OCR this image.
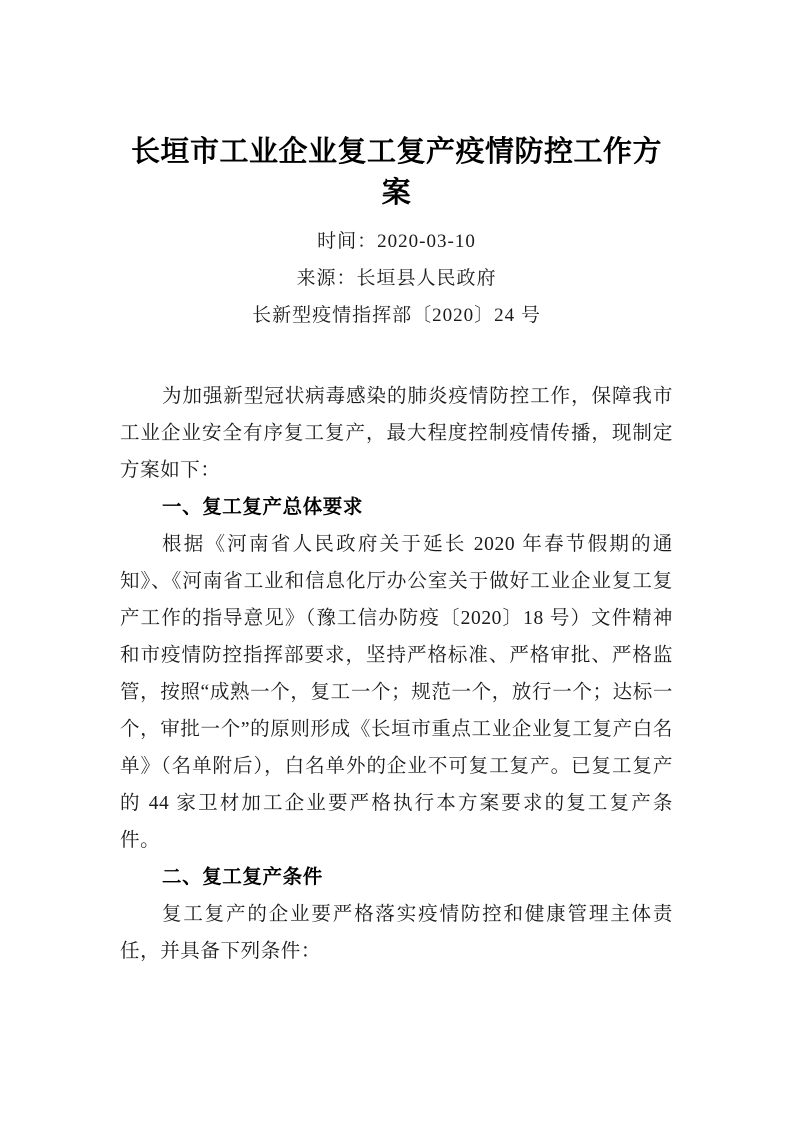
长垣市工业企业复工复产疫情防控工作方案
时间：2020-03-10
来源：长垣县人民政府
长新型疫情指挥部〔2020〕24 号

为加强新型冠状病毒感染的肺炎疫情防控工作，保障我市工业企业安全有序复工复产，最大程度控制疫情传播，现制定方案如下：

一、复工复产总体要求

根据《河南省人民政府关于延长 2020 年春节假期的通知》、《河南省工业和信息化厅办公室关于做好工业企业复工复产工作的指导意见》（豫工信办防疫〔2020〕18 号）文件精神和市疫情防控指挥部要求，坚持严格标准、严格审批、严格监管，按照“成熟一个，复工一个；规范一个，放行一个；达标一个，审批一个”的原则形成《长垣市重点工业企业复工复产白名单》（名单附后），白名单外的企业不可复工复产。已复工复产的 44 家卫材加工企业要严格执行本方案要求的复工复产条件。

二、复工复产条件

复工复产的企业要严格落实疫情防控和健康管理主体责任，并具备下列条件：
